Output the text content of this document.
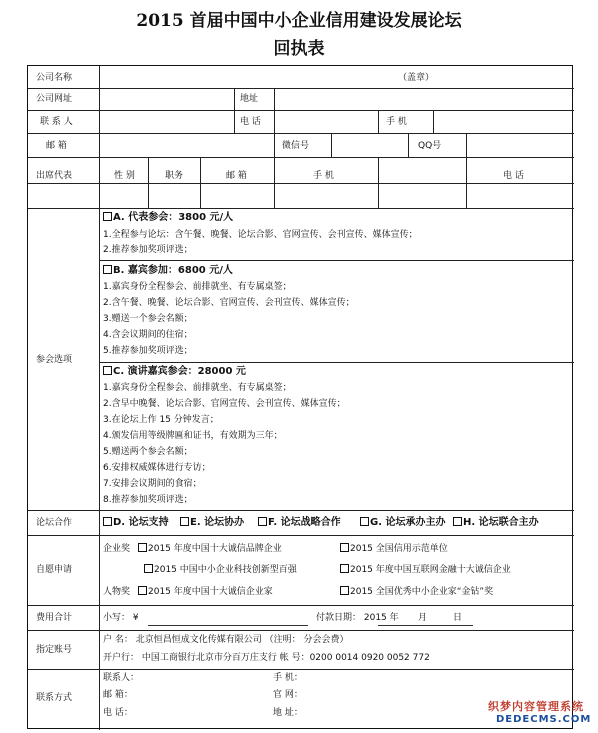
2015 首届中国中小企业信用建设发展论坛
回执表
公司名称	（盖章）
公司网址	地址
联 系 人	电 话	手 机
邮 箱	微信号	QQ号
出席代表	性 别	职务	邮 箱	手 机	电 话
参会选项
A. 代表参会：3800 元/人
1.全程参与论坛：含午餐、晚餐、论坛合影、官网宣传、会刊宣传、媒体宣传；
2.推荐参加奖项评选；
B. 嘉宾参加：6800 元/人
1.嘉宾身份全程参会、前排就坐、有专属桌签；
2.含午餐、晚餐、论坛合影、官网宣传、会刊宣传、媒体宣传；
3.赠送一个参会名额；
4.含会议期间的住宿；
5.推荐参加奖项评选；
C. 演讲嘉宾参会：28000 元
1.嘉宾身份全程参会、前排就坐、有专属桌签；
2.含早中晚餐、论坛合影、官网宣传、会刊宣传、媒体宣传；
3.在论坛上作 15 分钟发言；
4.颁发信用等级牌匾和证书，有效期为三年；
5.赠送两个参会名额；
6.安排权威媒体进行专访；
7.安排会议期间的食宿；
8.推荐参加奖项评选；
论坛合作	D. 论坛支持	E. 论坛协办	F. 论坛战略合作	G. 论坛承办主办	H. 论坛联合主办
自愿申请
企业奖	2015 年度中国十大诚信品牌企业	2015 全国信用示范单位
2015 中国中小企业科技创新型百强	2015 年度中国互联网金融十大诚信企业
人物奖	2015 年度中国十大诚信企业家	2015 全国优秀中小企业家“金钻”奖
费用合计	小写： ¥	付款日期： 2015 年 月	日
指定账号
户 名： 北京恒昌恒成文化传媒有限公司 （注明： 分会会费）
开户行： 中国工商银行北京市分百万庄支行 帐 号：0200 0014 0920 0052 772
联系方式
联系人：	手 机：
邮 箱：	官 网：
电 话：	地 址：	织梦内容管理系统
DEDECMS.COM
